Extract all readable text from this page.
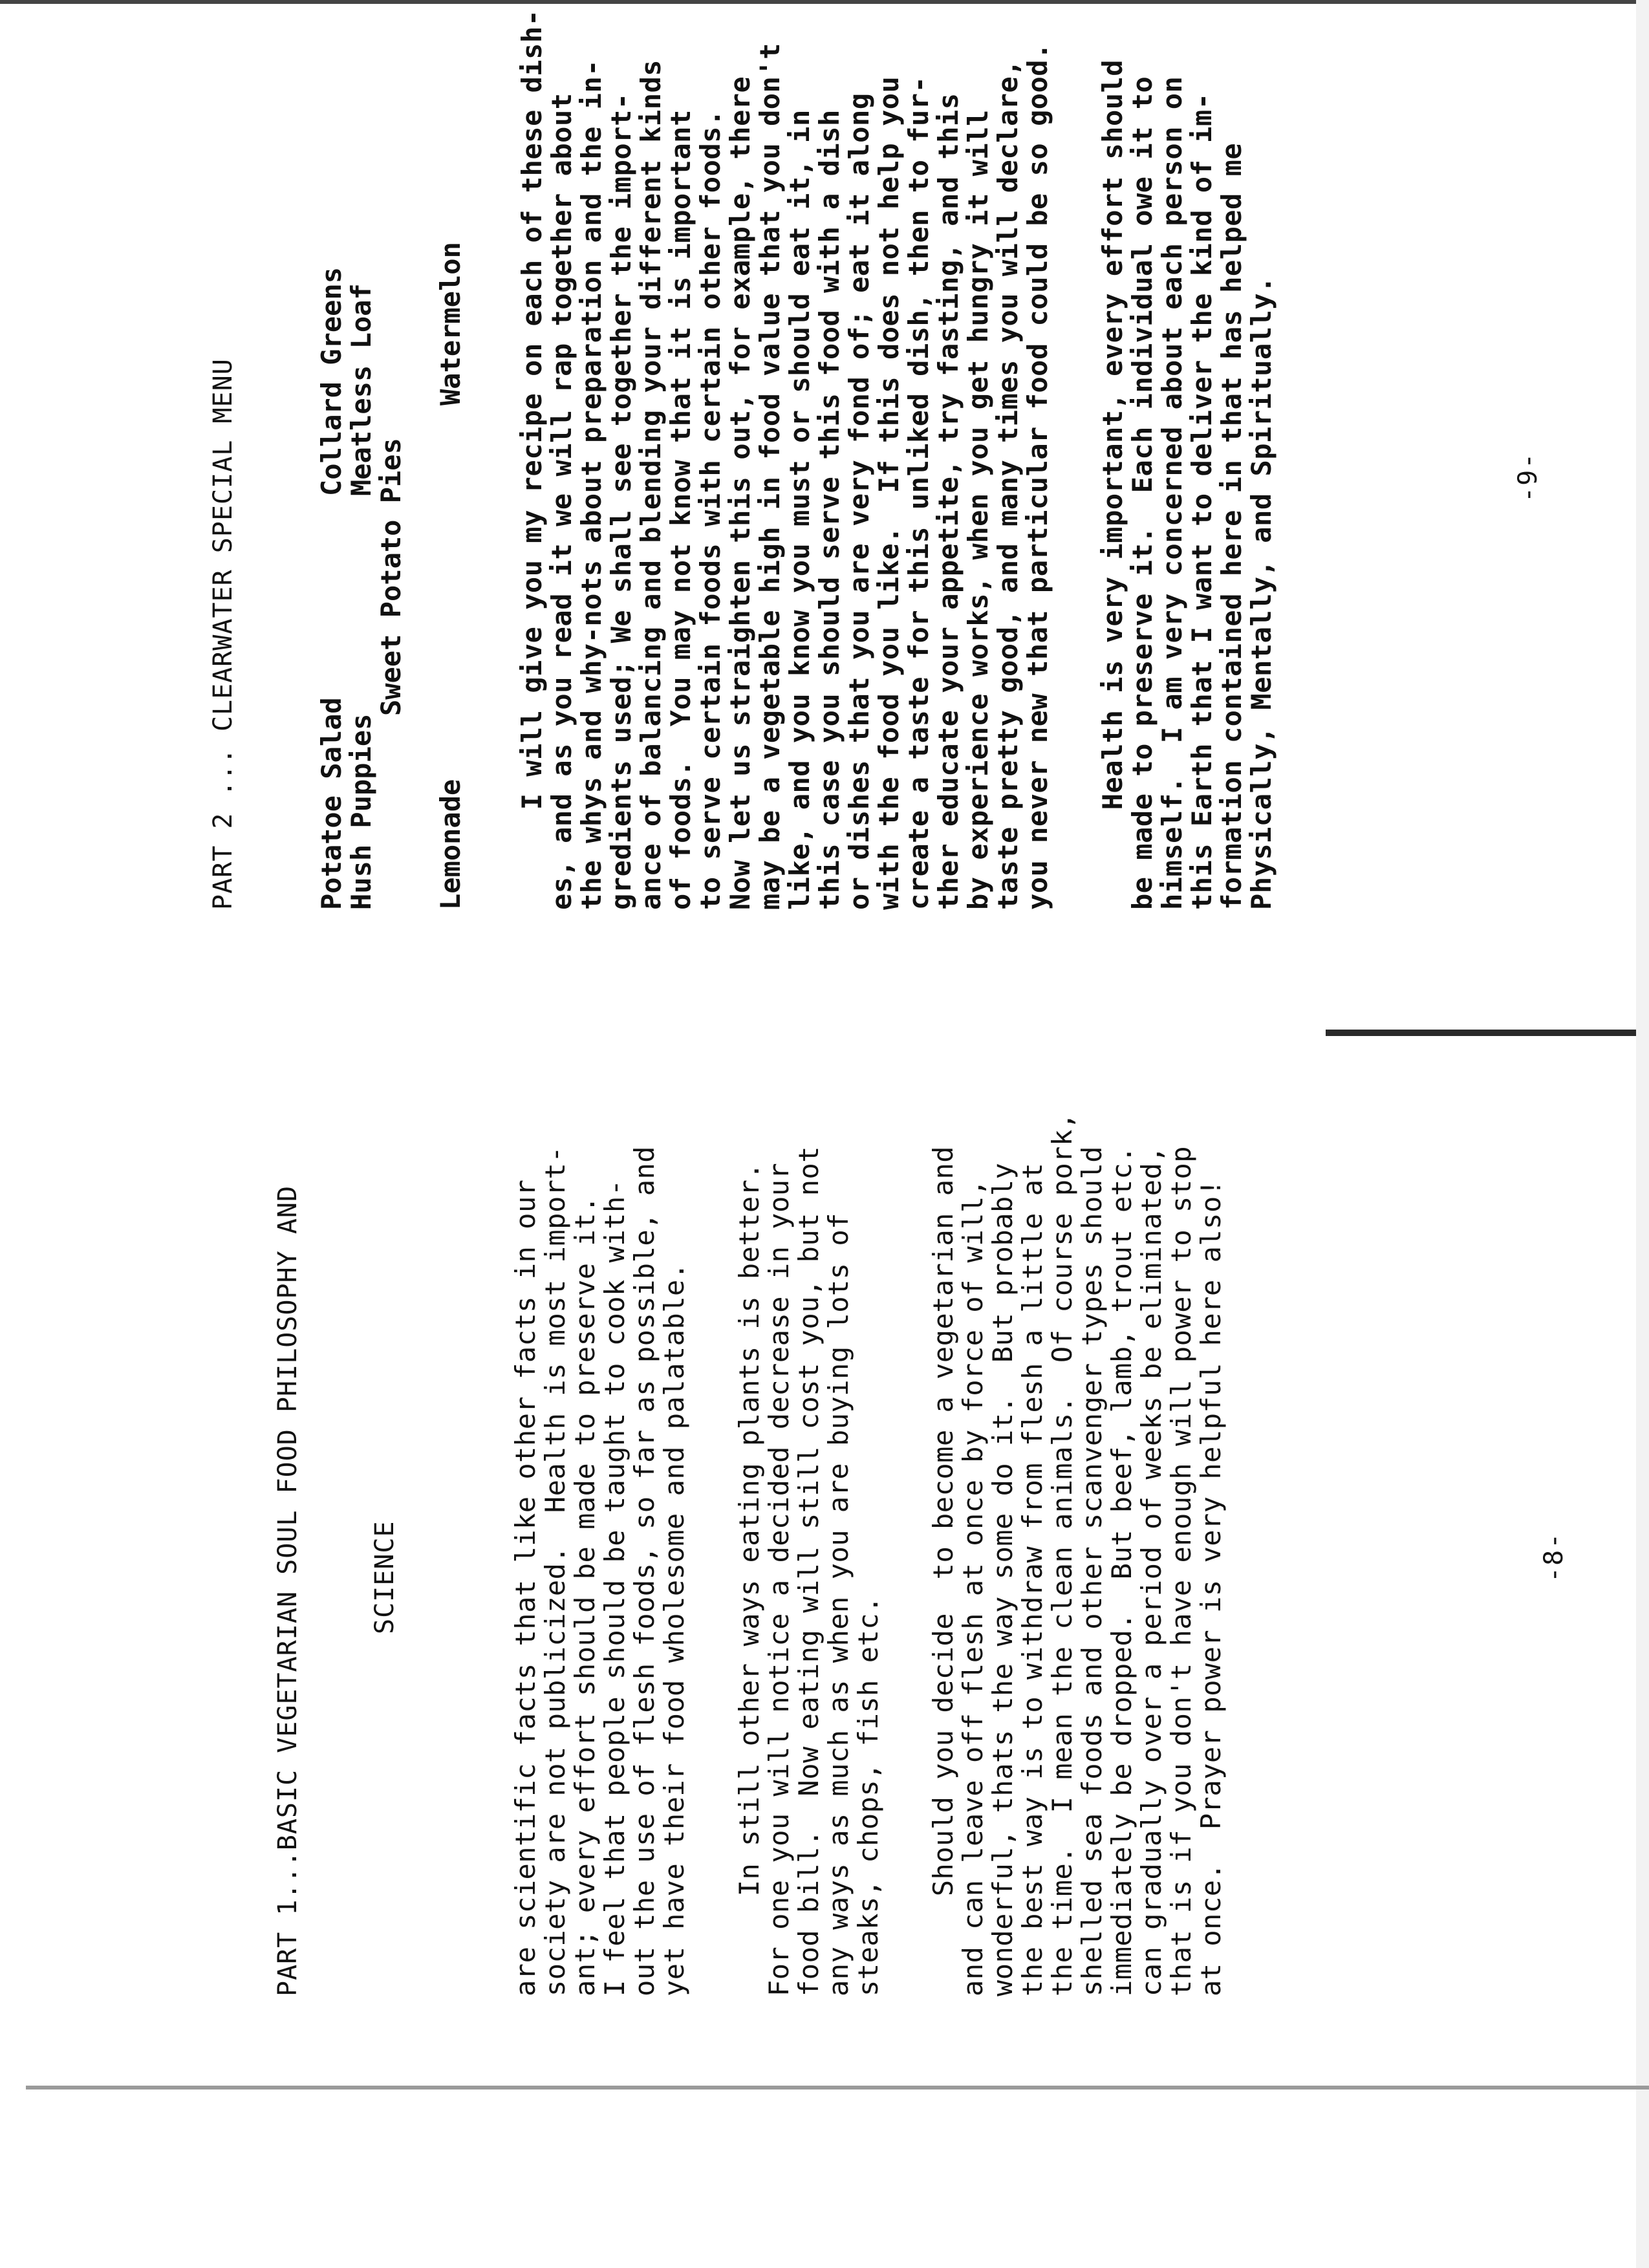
PART 1...BASIC VEGETARIAN SOUL FOOD PHILOSOPHY AND

	SCIENCE

are scientific facts that like other facts in our
society are not publicized.  Health is most import-
ant; every effort should be made to preserve it.
I feel that people should be taught to cook with-
out the use of flesh foods, so far as possible, and
yet have their food wholesome and palatable.

In still other ways eating plants is better.
For one you will notice a decided decrease in your
food bill.  Now eating will still cost you, but not
any ways as much as when you are buying lots of
steaks, chops, fish etc.

Should you decide  to become a vegetarian and
and can leave off flesh at once by force of will,
wonderful, thats the way some do it.  But probably
the best way is to withdraw from flesh a little at
the time.  I mean the clean animals.  Of course pork,
shelled sea foods and other scanvenger types should
immediately be dropped.  But beef, lamb, trout etc.
can gradually over a period of weeks be eliminated,
that is if you don't have enough will power to stop
at once.  Prayer power is very helpful here also!

-8-
PART 2 ... CLEARWATER SPECIAL MENU	Potatoe Salad
Collard Greens
Hush Puppies
Meatless Loaf
Sweet Potato Pies
Lemonade
Watermelon

I will give you my recipe on each of these dish-
es, and as you read it we will rap together about
the whys and why-nots about preparation and the in-
gredients used; We shall see together the import-
ance of balancing and blending your different kinds
of foods.  You may not know that it is important
to serve certain foods with certain other foods.
Now let us straighten this out, for example, there
may be a vegetable high in food value that you don't
like, and you know you must or should eat it, in
this case you should serve this food with a dish
or dishes that you are very fond of; eat it along
with the food you like.  If this does not help you
create a taste for this unliked dish, then to fur-
ther educate your appetite, try fasting, and this
by experience works, when you get hungry it will
taste pretty good, and many times you will declare,
you never new that particular food could be so good.

Health is very important, every effort should
be made to preserve it.  Each individual owe it to
himself.  I am very concerned about each person on
this Earth that I want to deliver the kind of im-
formation contained here in that has helped me
Physically, Mentally, and Spiritually.

-9-
